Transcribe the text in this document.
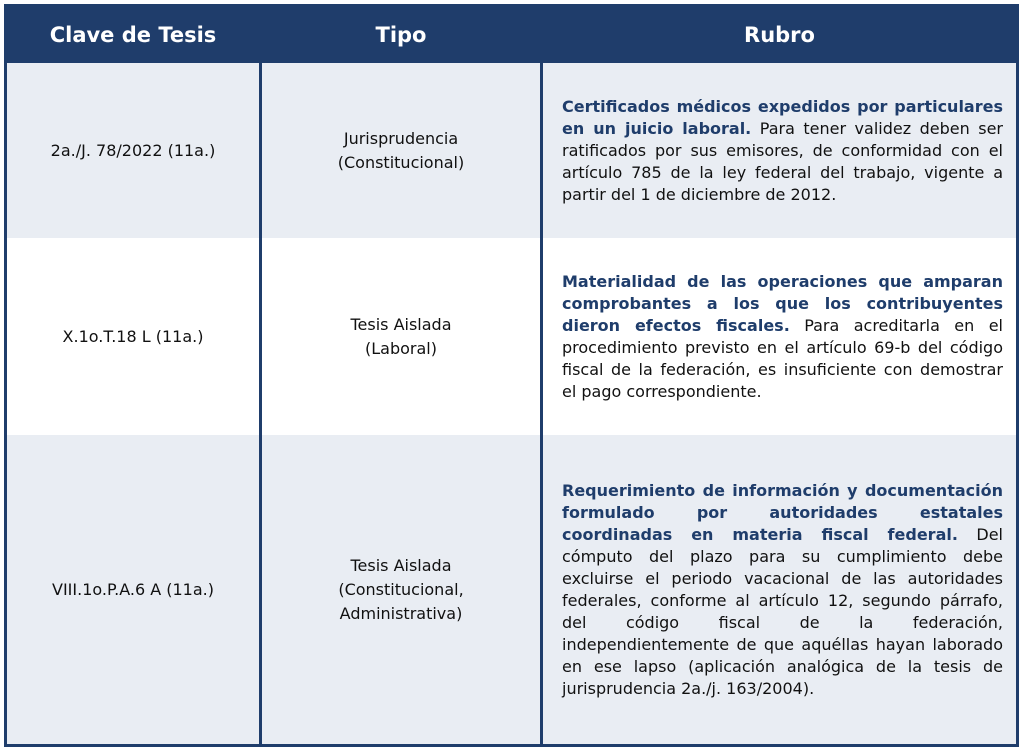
Clave de Tesis	Tipo	Rubro
2a./J. 78/2022 (11a.)
Jurisprudencia
(Constitucional)
Certificados médicos expedidos por particulares en un juicio laboral. Para tener validez deben ser ratificados por sus emisores, de conformidad con el artículo 785 de la ley federal del trabajo, vigente a partir del 1 de diciembre de 2012.
X.1o.T.18 L (11a.)
Tesis Aislada
(Laboral)
Materialidad de las operaciones que amparan comprobantes a los que los contribuyentes dieron efectos fiscales. Para acreditarla en el procedimiento previsto en el artículo 69-b del código fiscal de la federación, es insuficiente con demostrar el pago correspondiente.
VIII.1o.P.A.6 A (11a.)
Tesis Aislada
(Constitucional,
Administrativa)
Requerimiento de información y documentación formulado por autoridades estatales coordinadas en materia fiscal federal. Del cómputo del plazo para su cumplimiento debe excluirse el periodo vacacional de las autoridades federales, conforme al artículo 12, segundo párrafo, del código fiscal de la federación, independientemente de que aquéllas hayan laborado en ese lapso (aplicación analógica de la tesis de jurisprudencia 2a./j. 163/2004).
